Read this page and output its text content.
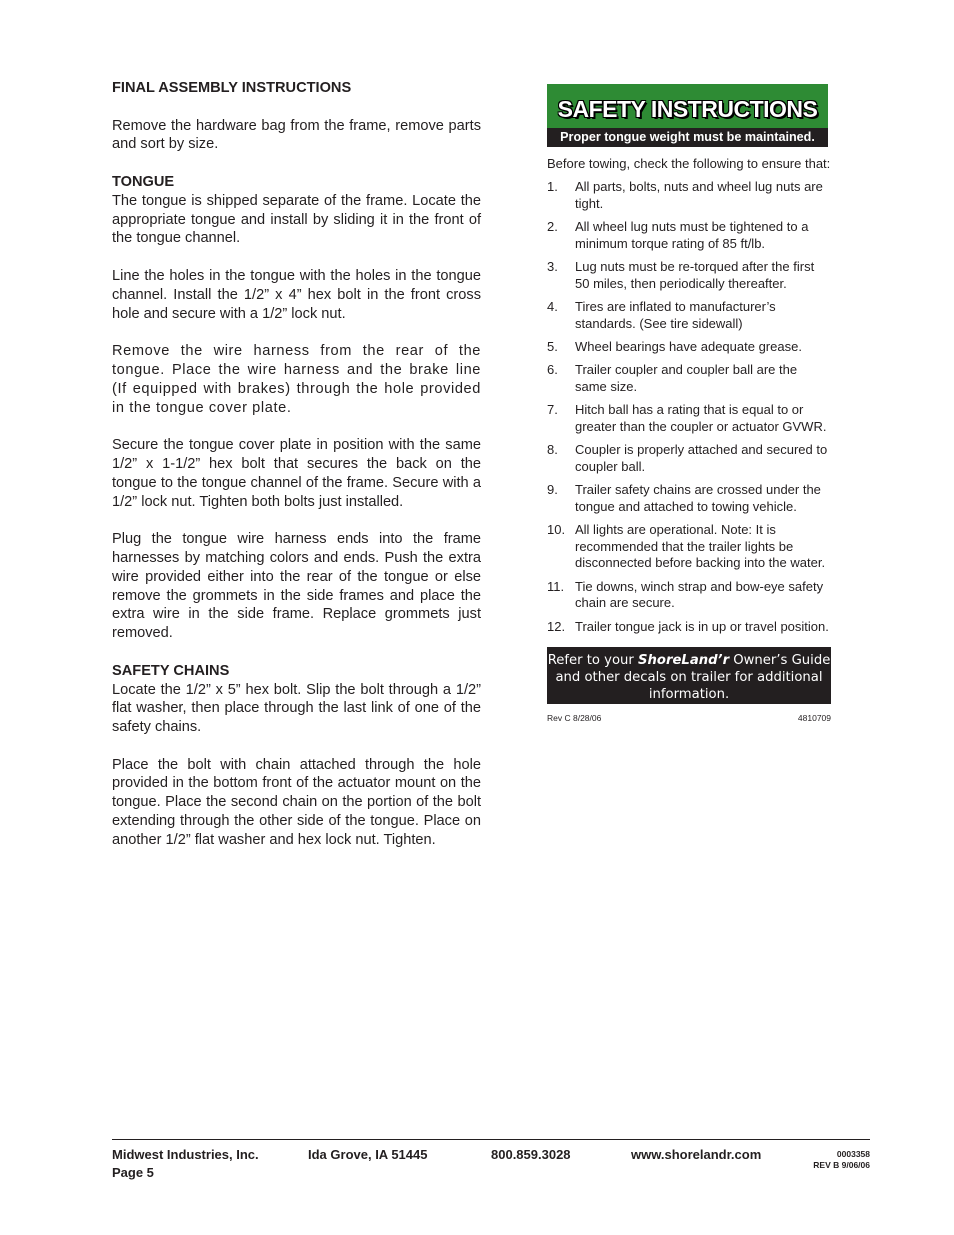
FINAL ASSEMBLY INSTRUCTIONS

Remove the hardware bag from the frame, remove parts and sort by size.

TONGUE

The tongue is shipped separate of the frame. Locate the appropriate tongue and install by sliding it in the front of the tongue channel.

Line the holes in the tongue with the holes in the tongue channel. Install the 1/2” x 4” hex bolt in the front cross hole and secure with a 1/2” lock nut.

Remove the wire harness from the rear of the tongue. Place the wire harness and the brake line (If equipped with brakes) through the hole provided in the tongue cover plate.

Secure the tongue cover plate in position with the same 1/2” x 1-1/2” hex bolt that secures the back on the tongue to the tongue channel of the frame. Secure with a 1/2” lock nut. Tighten both bolts just installed.

Plug the tongue wire harness ends into the frame harnesses by matching colors and ends. Push the extra wire provided either into the rear of the tongue or else remove the grommets in the side frames and place the extra wire in the side frame. Replace grommets just removed.

SAFETY CHAINS

Locate the 1/2” x 5” hex bolt. Slip the bolt through a 1/2” flat washer, then place through the last link of one of the safety chains.

Place the bolt with chain attached through the hole provided in the bottom front of the actuator mount on the tongue. Place the second chain on the portion of the bolt extending through the other side of the tongue. Place on another 1/2” flat washer and hex lock nut. Tighten.

SAFETY INSTRUCTIONS
Proper tongue weight must be maintained.
Before towing, check the following to ensure that:
1. All parts, bolts, nuts and wheel lug nuts are tight.
2. All wheel lug nuts must be tightened to a minimum torque rating of 85 ft/lb.
3. Lug nuts must be re-torqued after the first 50 miles, then periodically thereafter.
4. Tires are inflated to manufacturer’s standards. (See tire sidewall)
5. Wheel bearings have adequate grease.
6. Trailer coupler and coupler ball are the same size.
7. Hitch ball has a rating that is equal to or greater than the coupler or actuator GVWR.
8. Coupler is properly attached and secured to coupler ball.
9. Trailer safety chains are crossed under the tongue and attached to towing vehicle.
10. All lights are operational. Note: It is recommended that the trailer lights be disconnected before backing into the water.
11. Tie downs, winch strap and bow-eye safety chain are secure.
12. Trailer tongue jack is in up or travel position.
Refer to your ShoreLand’r Owner’s Guide and other decals on trailer for additional information.
Rev C 8/28/06	4810709
Midwest Industries, Inc.	Ida Grove, IA 51445	800.859.3028	www.shorelandr.com
Page 5
0003358
REV B 9/06/06
